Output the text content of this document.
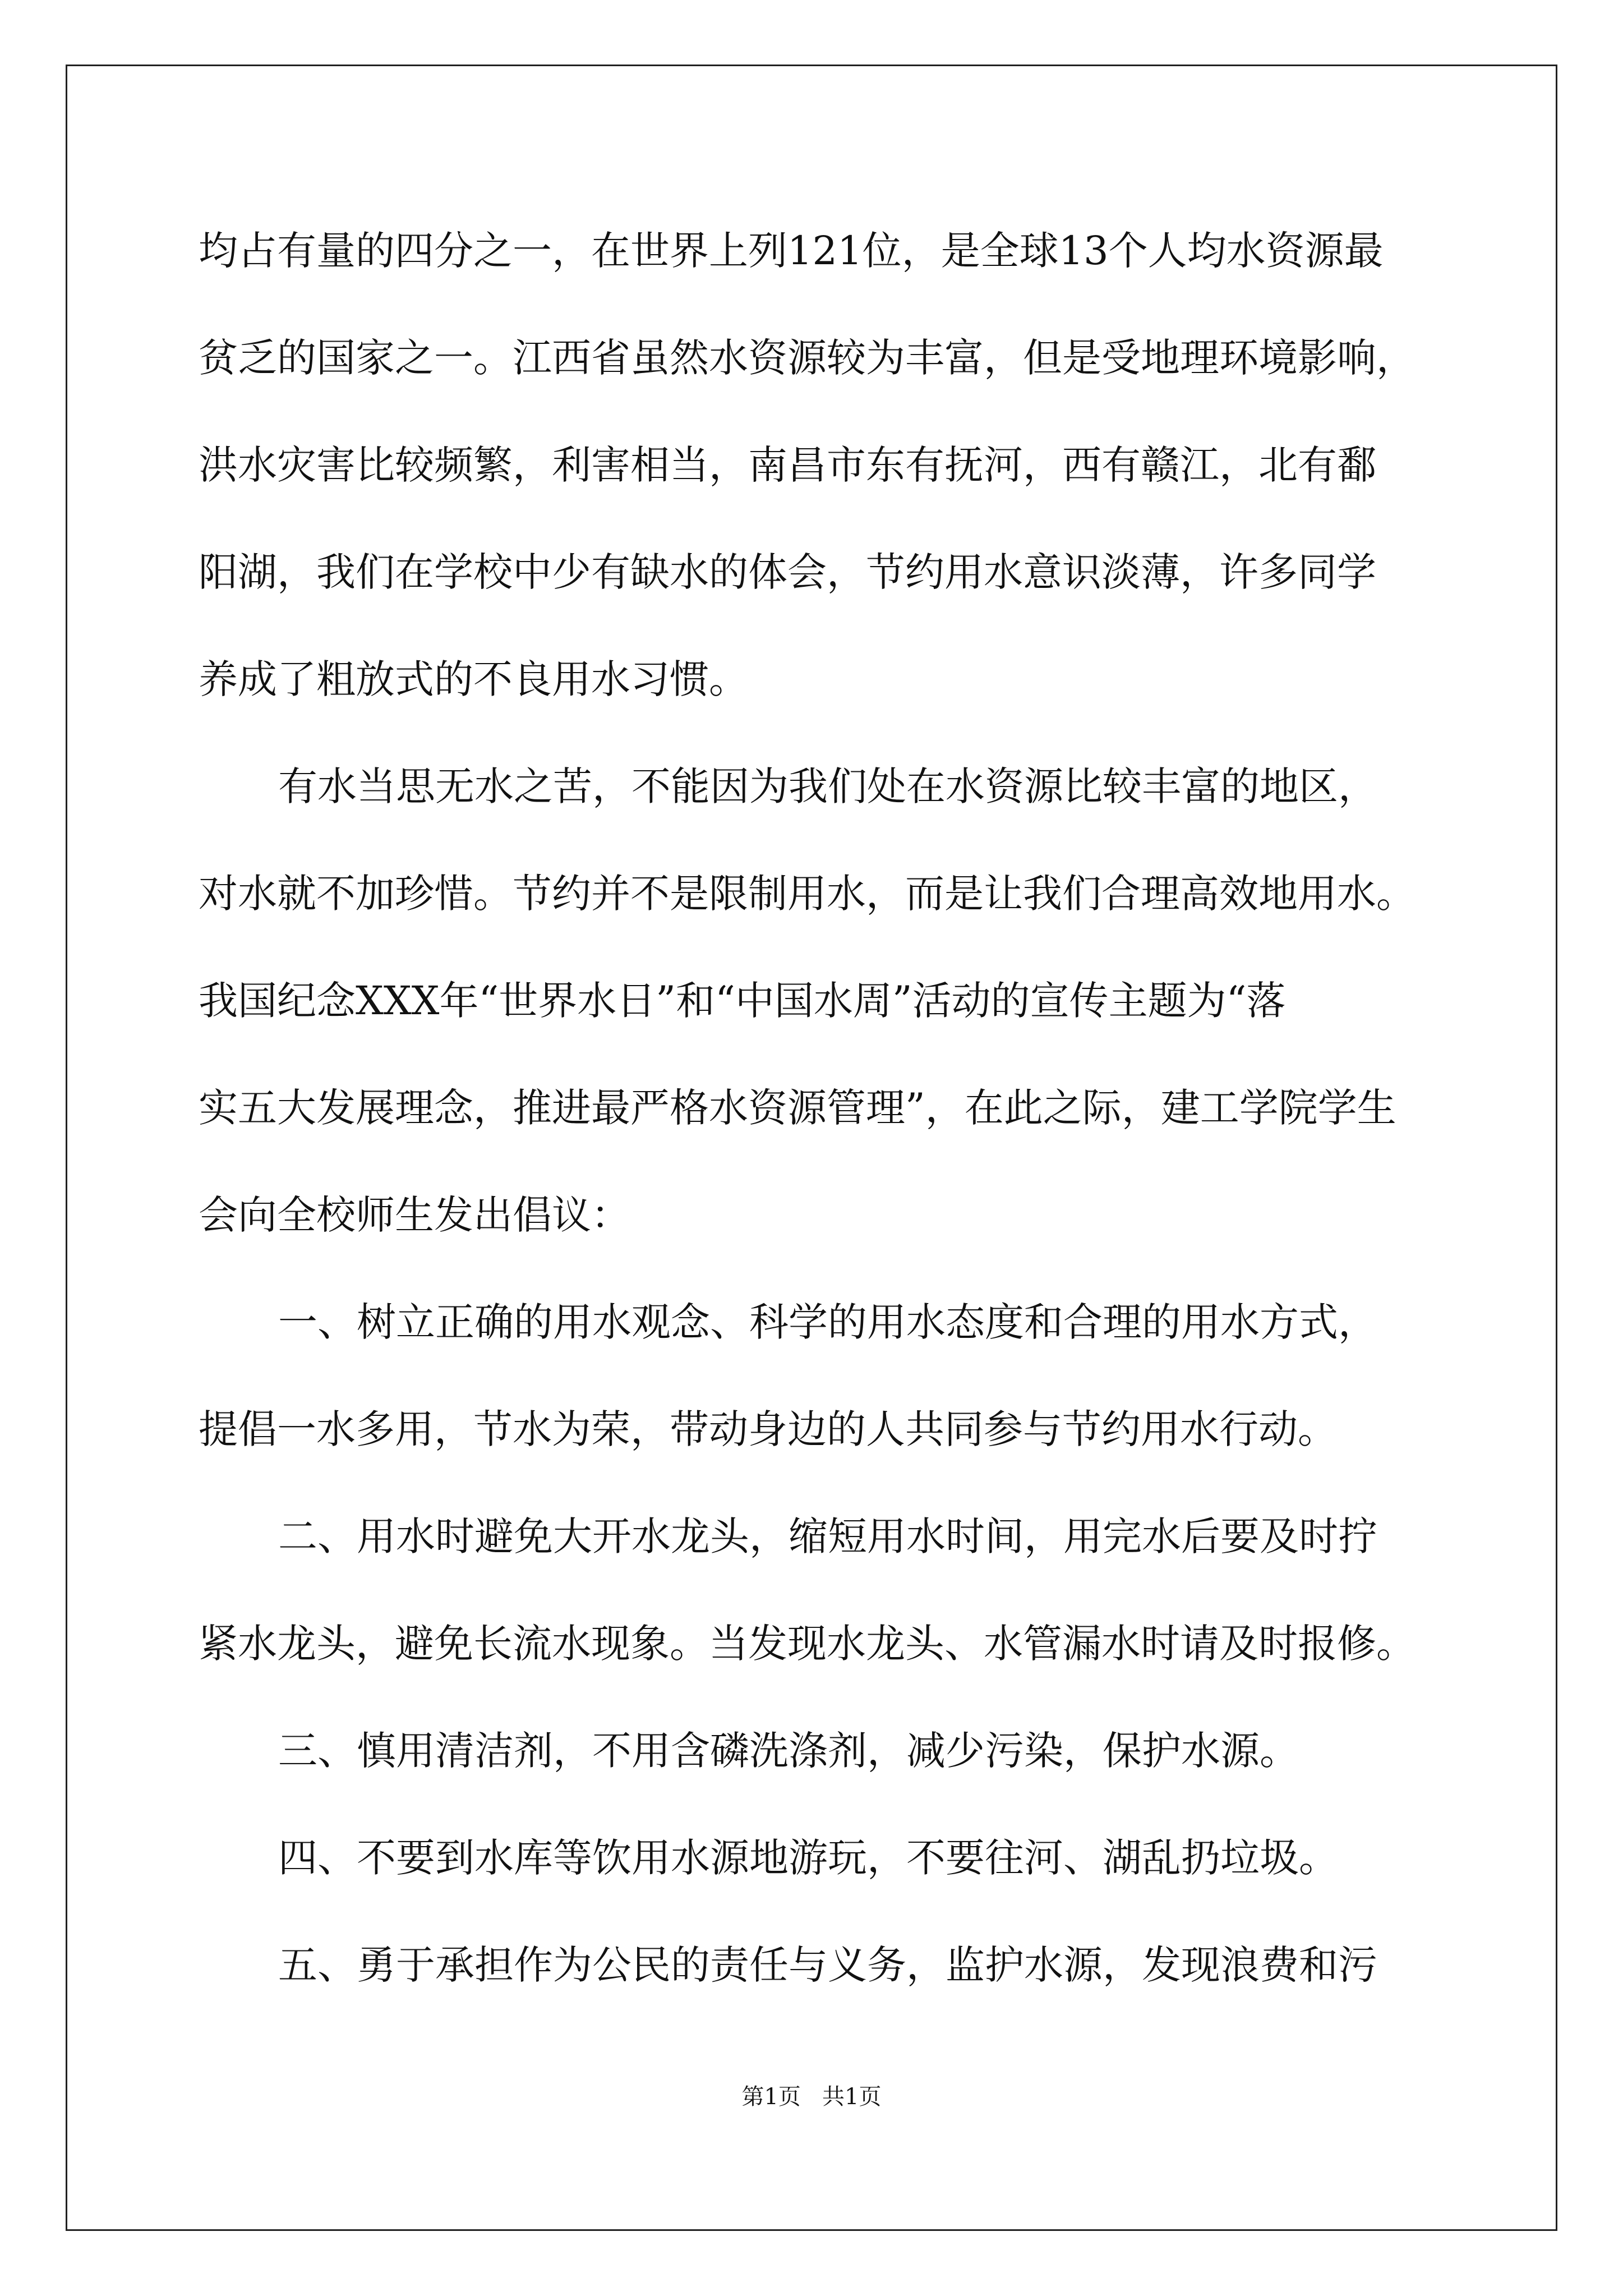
均占有量的四分之一，在世界上列121位，是全球13个人均水资源最
贫乏的国家之一。江西省虽然水资源较为丰富，但是受地理环境影响，
洪水灾害比较频繁，利害相当，南昌市东有抚河，西有赣江，北有鄱
阳湖，我们在学校中少有缺水的体会，节约用水意识淡薄，许多同学
养成了粗放式的不良用水习惯。
有水当思无水之苦，不能因为我们处在水资源比较丰富的地区，
对水就不加珍惜。节约并不是限制用水，而是让我们合理高效地用水。
我国纪念XXX年“世界水日”和“中国水周”活动的宣传主题为“落
实五大发展理念，推进最严格水资源管理”，在此之际，建工学院学生
会向全校师生发出倡议：
一、树立正确的用水观念、科学的用水态度和合理的用水方式，
提倡一水多用，节水为荣，带动身边的人共同参与节约用水行动。
二、用水时避免大开水龙头，缩短用水时间，用完水后要及时拧
紧水龙头，避免长流水现象。当发现水龙头、水管漏水时请及时报修。
三、慎用清洁剂，不用含磷洗涤剂，减少污染，保护水源。
四、不要到水库等饮用水源地游玩，不要往河、湖乱扔垃圾。
五、勇于承担作为公民的责任与义务，监护水源，发现浪费和污
第1页   共1页
